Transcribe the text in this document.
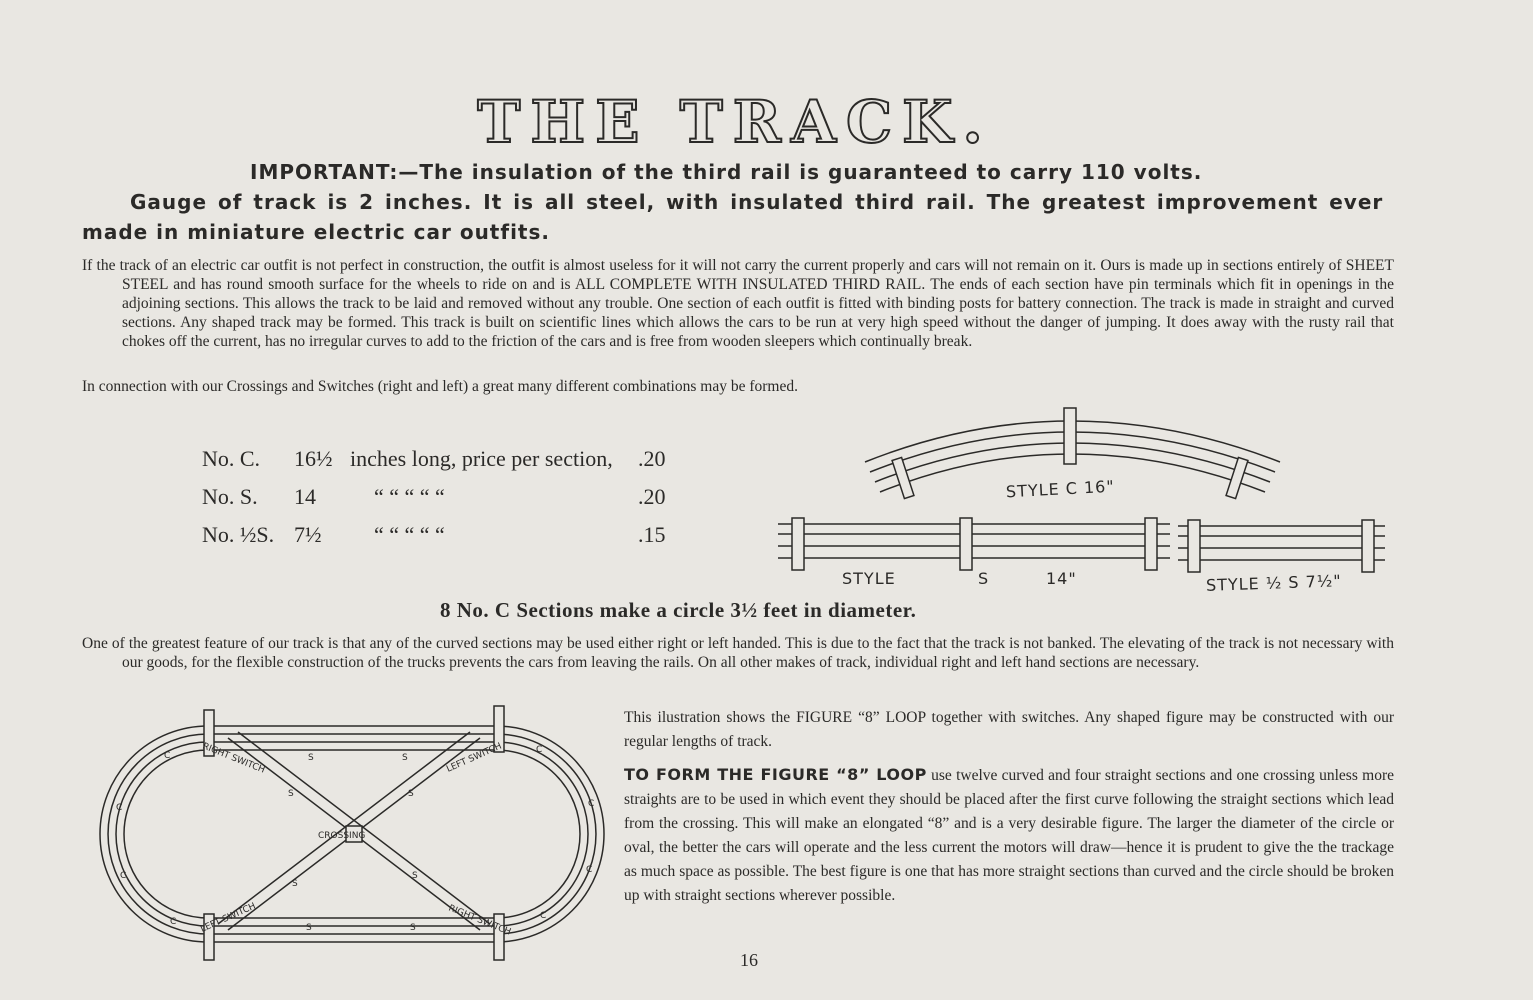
THE TRACK.
IMPORTANT:—The insulation of the third rail is guaranteed to carry 110 volts.
Gauge of track is 2 inches. It is all steel, with insulated third rail. The greatest improvement ever
made in miniature electric car outfits.

If the track of an electric car outfit is not perfect in construction, the outfit is almost useless for it will not carry the current properly and cars will not remain on it. Ours is made up in sections entirely of SHEET STEEL and has round smooth surface for the wheels to ride on and is ALL COMPLETE WITH INSULATED THIRD RAIL. The ends of each section have pin terminals which fit in openings in the adjoining sections. This allows the track to be laid and removed without any trouble. One section of each outfit is fitted with binding posts for battery connection. The track is made in straight and curved sections. Any shaped track may be formed. This track is built on scientific lines which allows the cars to be run at very high speed without the danger of jumping. It does away with the rusty rail that chokes off the current, has no irregular curves to add to the friction of the cars and is free from wooden sleepers which continually break.

In connection with our Crossings and Switches (right and left) a great many different combinations may be formed.
No. C. 16½ inches long, price per section, .20
No. S. 14	“ “ “ “ “	.20
No. ½S. 7½ “ “ “ “ “	.15
STYLE C 16"
STYLE	S	14"	STYLE ½ S 7½"
8 No. C Sections make a circle 3½ feet in diameter.

One of the greatest feature of our track is that any of the curved sections may be used either right or left handed. This is due to the fact that the track is not banked. The elevating of the track is not necessary with our goods, for the flexible construction of the trucks prevents the cars from leaving the rails. On all other makes of track, individual right and left hand sections are necessary.

RIGHT SWITCH	LEFT SWITCH
LEFT SWITCH	RIGHT SWITCH
CROSSING
C
C
C
C
C
C
C
C
S	S
S	S
S
S
S	S

This ilustration shows the FIGURE “8” LOOP together with switches. Any shaped figure may be constructed with our regular lengths of track.

TO FORM THE FIGURE “8” LOOP use twelve curved and four straight sections and one crossing unless more straights are to be used in which event they should be placed after the first curve following the straight sections which lead from the crossing. This will make an elongated “8” and is a very desirable figure. The larger the diameter of the circle or oval, the better the cars will operate and the less current the motors will draw—hence it is prudent to give the the trackage as much space as possible. The best figure is one that has more straight sections than curved and the circle should be broken up with straight sections wherever possible.

16
